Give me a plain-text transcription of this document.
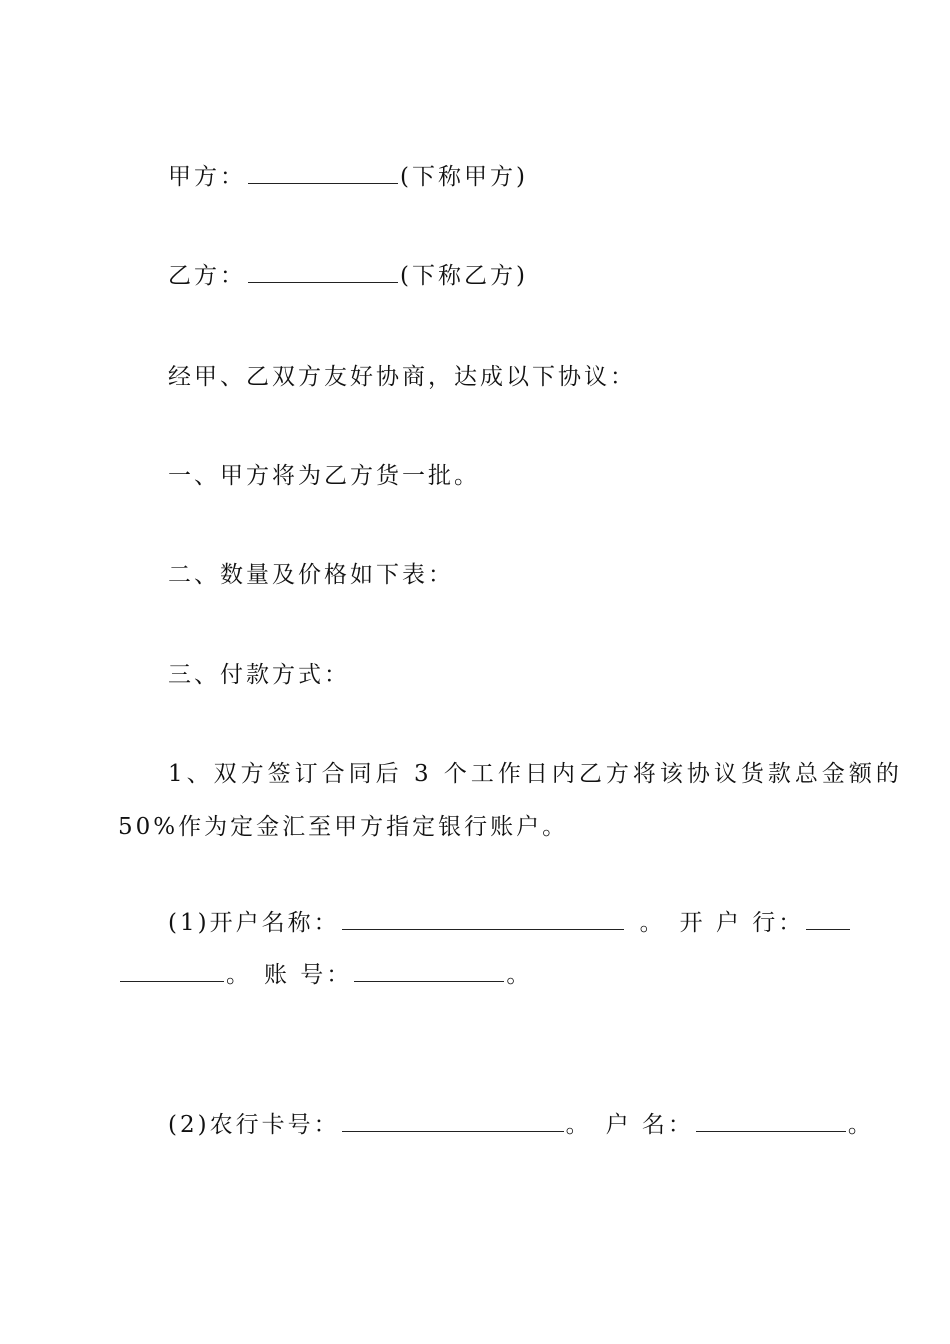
甲方：	(下称甲方)
乙方：	(下称乙方)
经甲、乙双方友好协商，达成以下协议：
一、甲方将为乙方货一批。
二、数量及价格如下表：
三、付款方式：
1、双方签订合同后 3 个工作日内乙方将该协议货款总金额的
50%作为定金汇至甲方指定银行账户。
(1)开户名称：	。 开 户 行：
。 账 号：	。
(2)农行卡号：	。 户 名：	。
